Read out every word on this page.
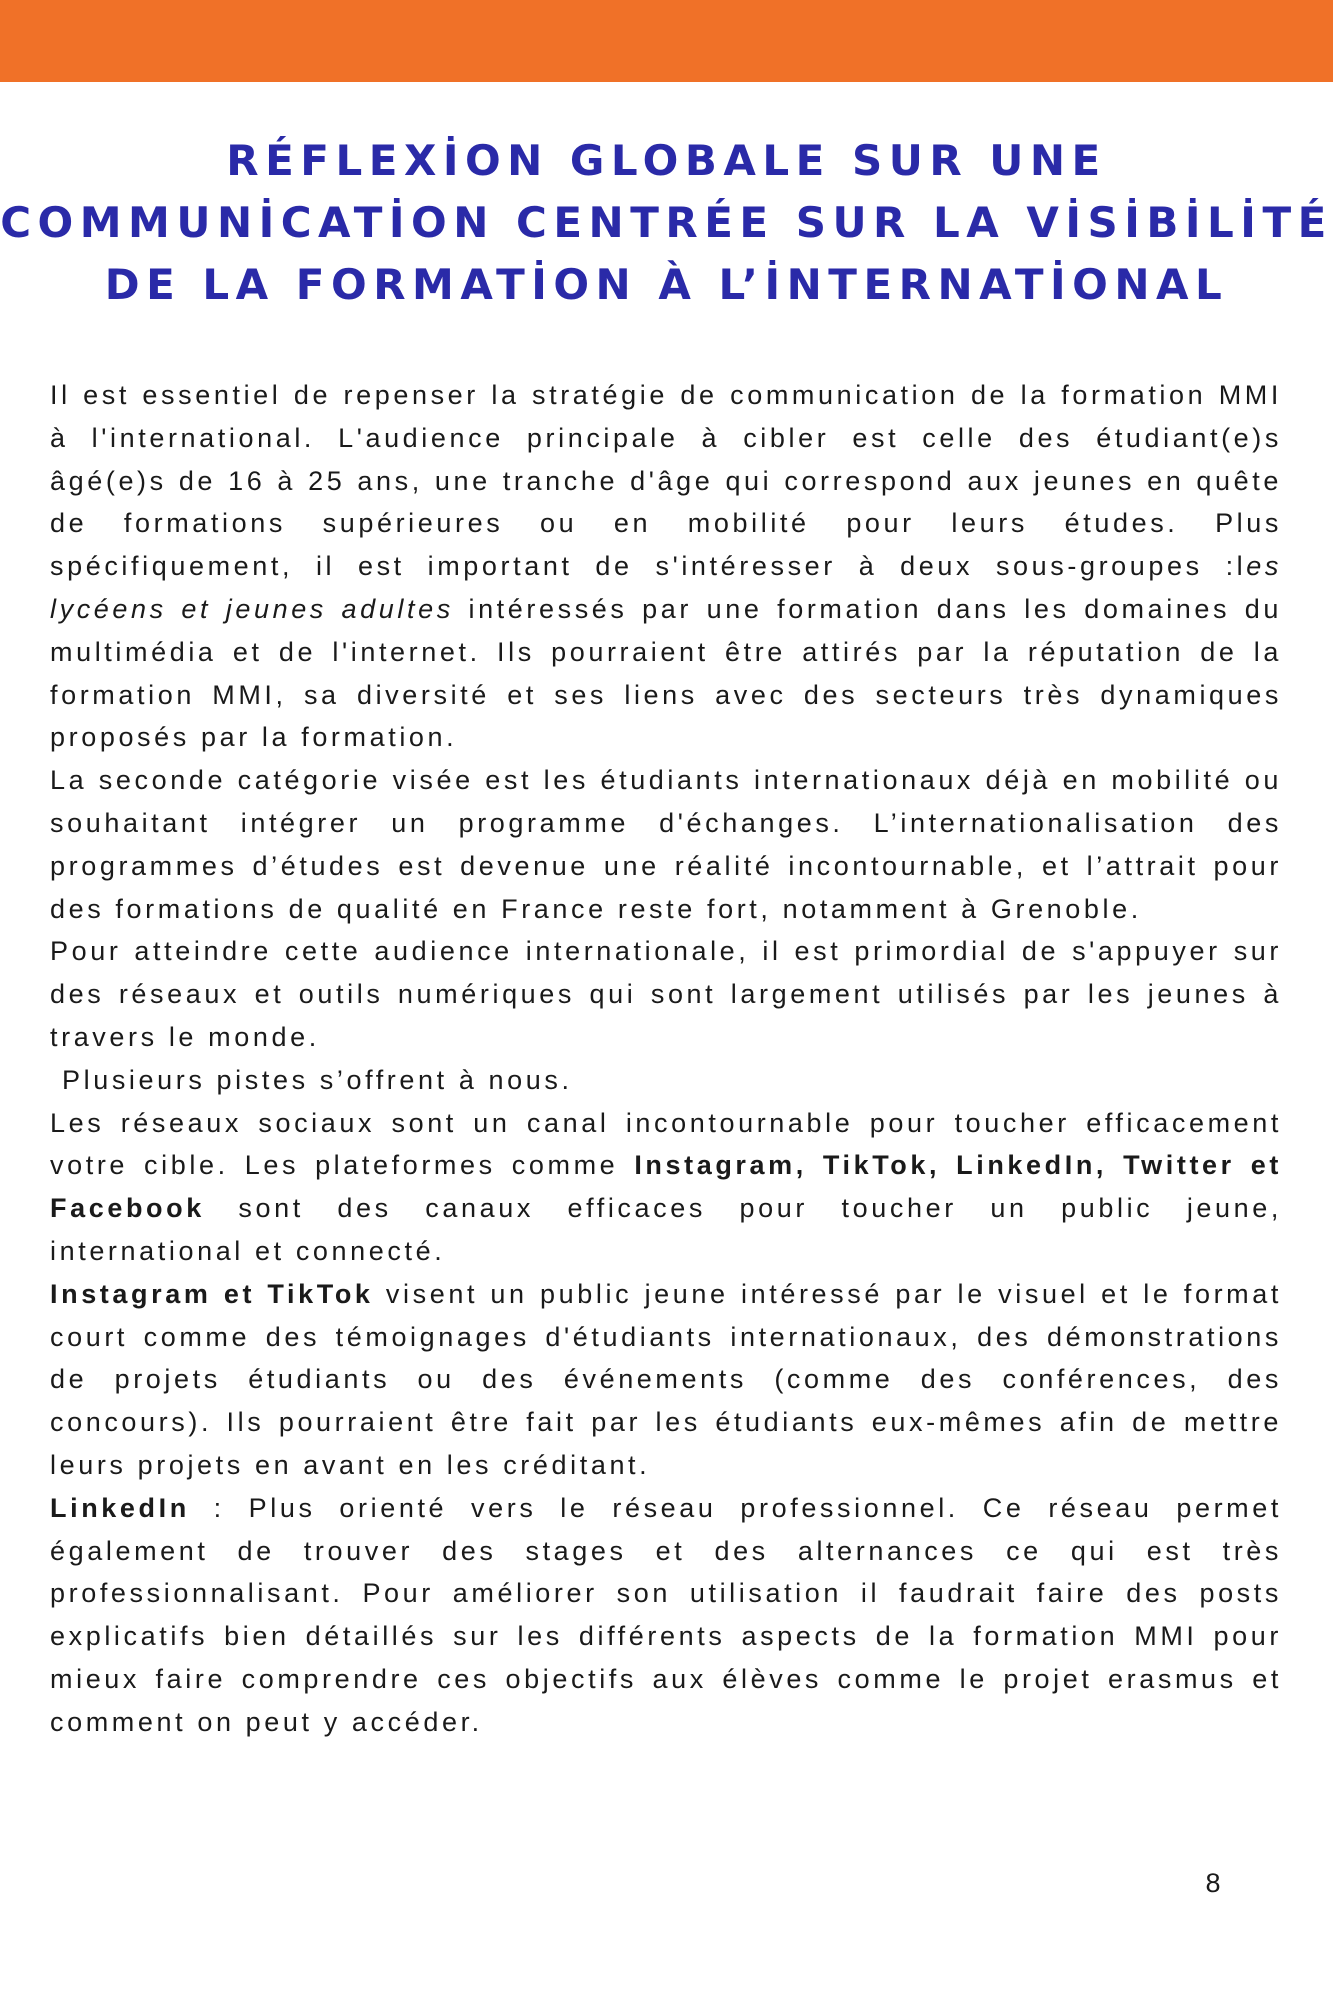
RÉFLEXİON GLOBALE SUR UNE
COMMUNİCATİON CENTRÉE SUR LA VİSİBİLİTÉ
DE LA FORMATİON À L’İNTERNATİONAL

Il est essentiel de repenser la stratégie de communication de la formation MMI à l'international. L'audience principale à cibler est celle des étudiant(e)s âgé(e)s de 16 à 25 ans, une tranche d'âge qui correspond aux jeunes en quête de formations supérieures ou en mobilité pour leurs études. Plus spécifiquement, il est important de s'intéresser à deux sous-groupes :les lycéens et jeunes adultes intéressés par une formation dans les domaines du multimédia et de l'internet. Ils pourraient être attirés par la réputation de la formation MMI, sa diversité et ses liens avec des secteurs très dynamiques proposés par la formation.

La seconde catégorie visée est les étudiants internationaux déjà en mobilité ou souhaitant intégrer un programme d'échanges. L’internationalisation des programmes d’études est devenue une réalité incontournable, et l’attrait pour des formations de qualité en France reste fort, notamment à Grenoble.

Pour atteindre cette audience internationale, il est primordial de s'appuyer sur des réseaux et outils numériques qui sont largement utilisés par les jeunes à travers le monde.

Plusieurs pistes s’offrent à nous.

Les réseaux sociaux sont un canal incontournable pour toucher efficacement votre cible. Les plateformes comme Instagram, TikTok, LinkedIn, Twitter et Facebook sont des canaux efficaces pour toucher un public jeune, international et connecté.

Instagram et TikTok visent un public jeune intéressé par le visuel et le format court comme des témoignages d'étudiants internationaux, des démonstrations de projets étudiants ou des événements (comme des conférences, des concours). Ils pourraient être fait par les étudiants eux-mêmes afin de mettre leurs projets en avant en les créditant.

LinkedIn : Plus orienté vers le réseau professionnel. Ce réseau permet également de trouver des stages et des alternances ce qui est très professionnalisant. Pour améliorer son utilisation il faudrait faire des posts explicatifs bien détaillés sur les différents aspects de la formation MMI pour mieux faire comprendre ces objectifs aux élèves comme le projet erasmus et comment on peut y accéder.

8
